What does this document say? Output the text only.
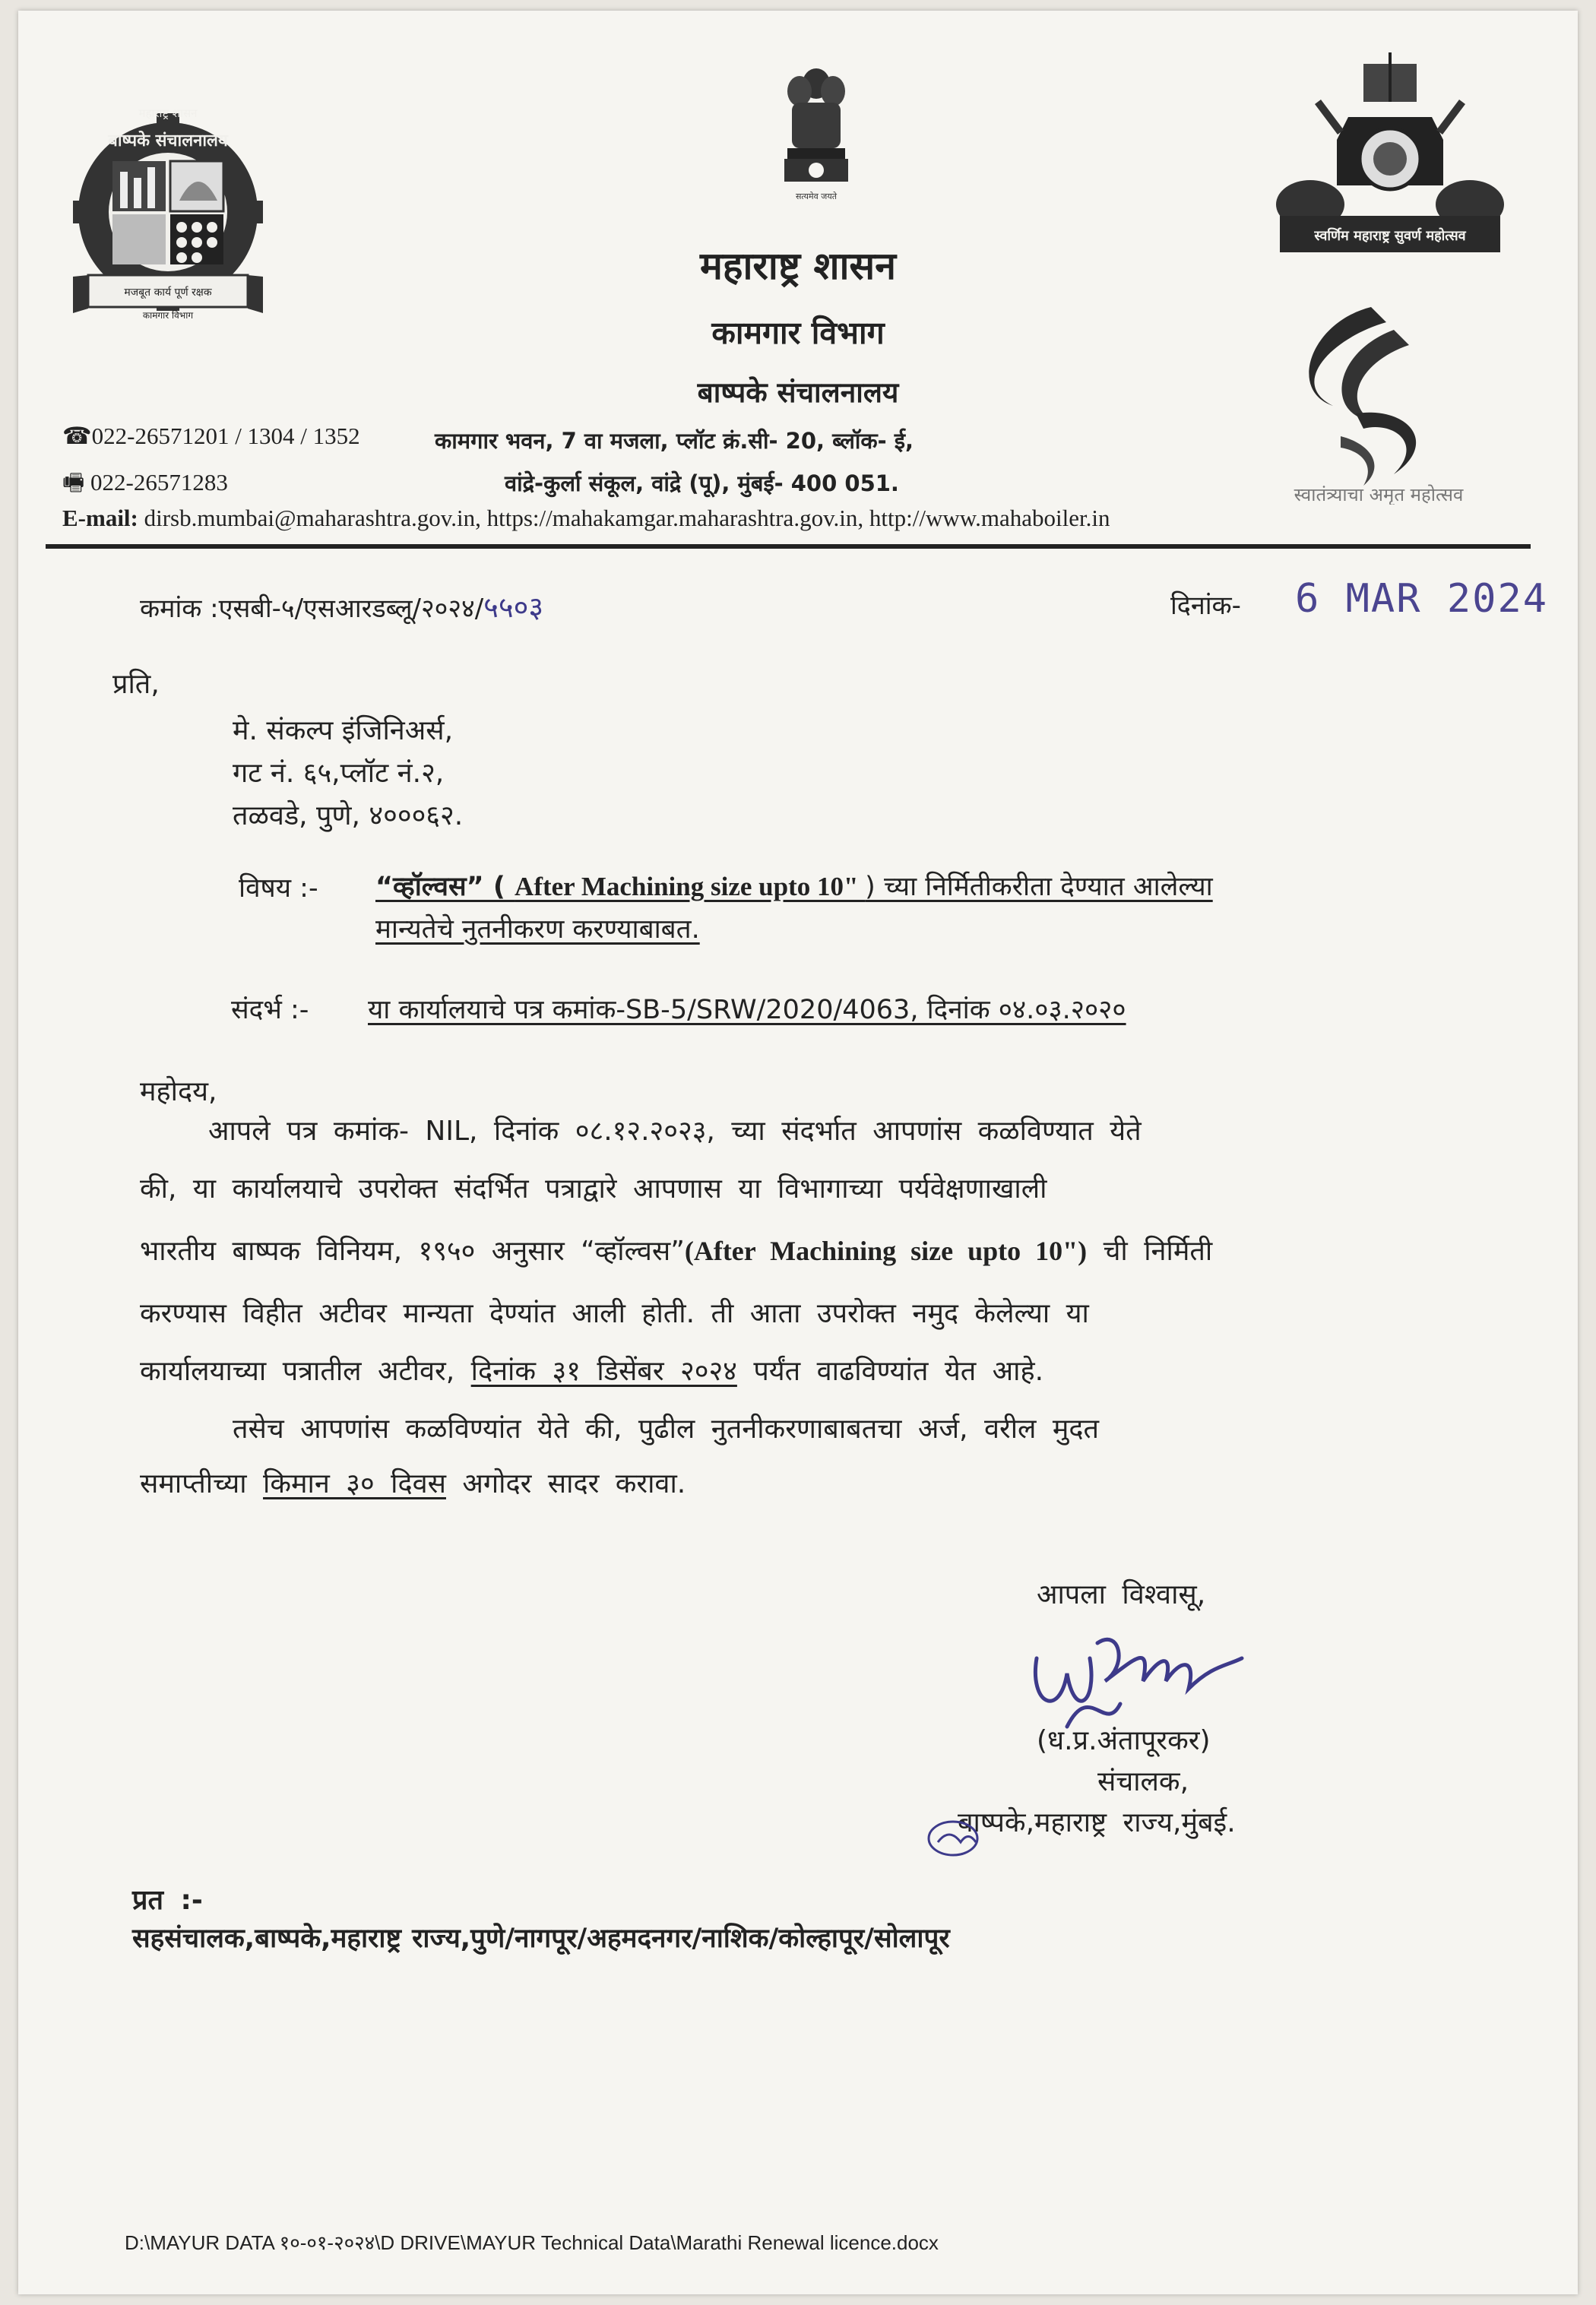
मजबूत कार्य पूर्ण रक्षक
कामगार विभाग
महाराष्ट्र शासन
बाष्पके संचालनालय
सत्यमेव जयते	स्वतंत्र भारत सरकार
स्वर्णिम महाराष्ट्र सुवर्ण महोत्सव
स्वातंत्र्याचा अमृत महोत्सव
महाराष्ट्र शासन
कामगार विभाग
बाष्पके संचालनालय
☎022-26571201 / 1304 / 1352
🖷 022-26571283
कामगार भवन, 7 वा मजला, प्लॉट क्रं.सी- 20, ब्लॉक- ई,
वांद्रे-कुर्ला संकूल, वांद्रे (पू), मुंबई- 400 051.
E-mail: dirsb.mumbai@maharashtra.gov.in, https://mahakamgar.maharashtra.gov.in, http://www.mahaboiler.in
कमांक :एसबी-५/एसआरडब्लू/२०२४/५५०३	दिनांक- 6 MAR 2024
प्रति,
मे. संकल्प इंजिनिअर्स,
गट नं. ६५,प्लॉट नं.२,
तळवडे, पुणे, ४०००६२.
विषय :- “व्हॉल्वस” ( After Machining size upto 10" ) च्या निर्मितीकरीता देण्यात आलेल्या
मान्यतेचे नुतनीकरण करण्याबाबत.
संदर्भ :- या कार्यालयाचे पत्र कमांक-SB-5/SRW/2020/4063, दिनांक ०४.०३.२०२०
महोदय,
आपले पत्र कमांक- NIL, दिनांक ०८.१२.२०२३, च्या संदर्भात आपणांस कळविण्यात येते
की, या कार्यालयाचे उपरोक्त संदर्भित पत्राद्वारे आपणास या विभागाच्या पर्यवेक्षणाखाली
भारतीय बाष्पक विनियम, १९५० अनुसार “व्हॉल्वस”(After Machining size upto 10") ची निर्मिती
करण्यास विहीत अटीवर मान्यता देण्यांत आली होती. ती आता उपरोक्त नमुद केलेल्या या
कार्यालयाच्या पत्रातील अटीवर, दिनांक ३१ डिसेंबर २०२४ पर्यंत वाढविण्यांत येत आहे.
तसेच आपणांस कळविण्यांत येते की, पुढील नुतनीकरणाबाबतचा अर्ज, वरील मुदत
समाप्तीच्या किमान ३० दिवस अगोदर सादर करावा.
आपला विश्वासू,
(ध.प्र.अंतापूरकर)
संचालक,
बाष्पके,महाराष्ट्र राज्य,मुंबई.
प्रत :-
सहसंचालक,बाष्पके,महाराष्ट्र राज्य,पुणे/नागपूर/अहमदनगर/नाशिक/कोल्हापूर/सोलापूर
D:\MAYUR DATA १०-०१-२०२४\D DRIVE\MAYUR Technical Data\Marathi Renewal licence.docx
